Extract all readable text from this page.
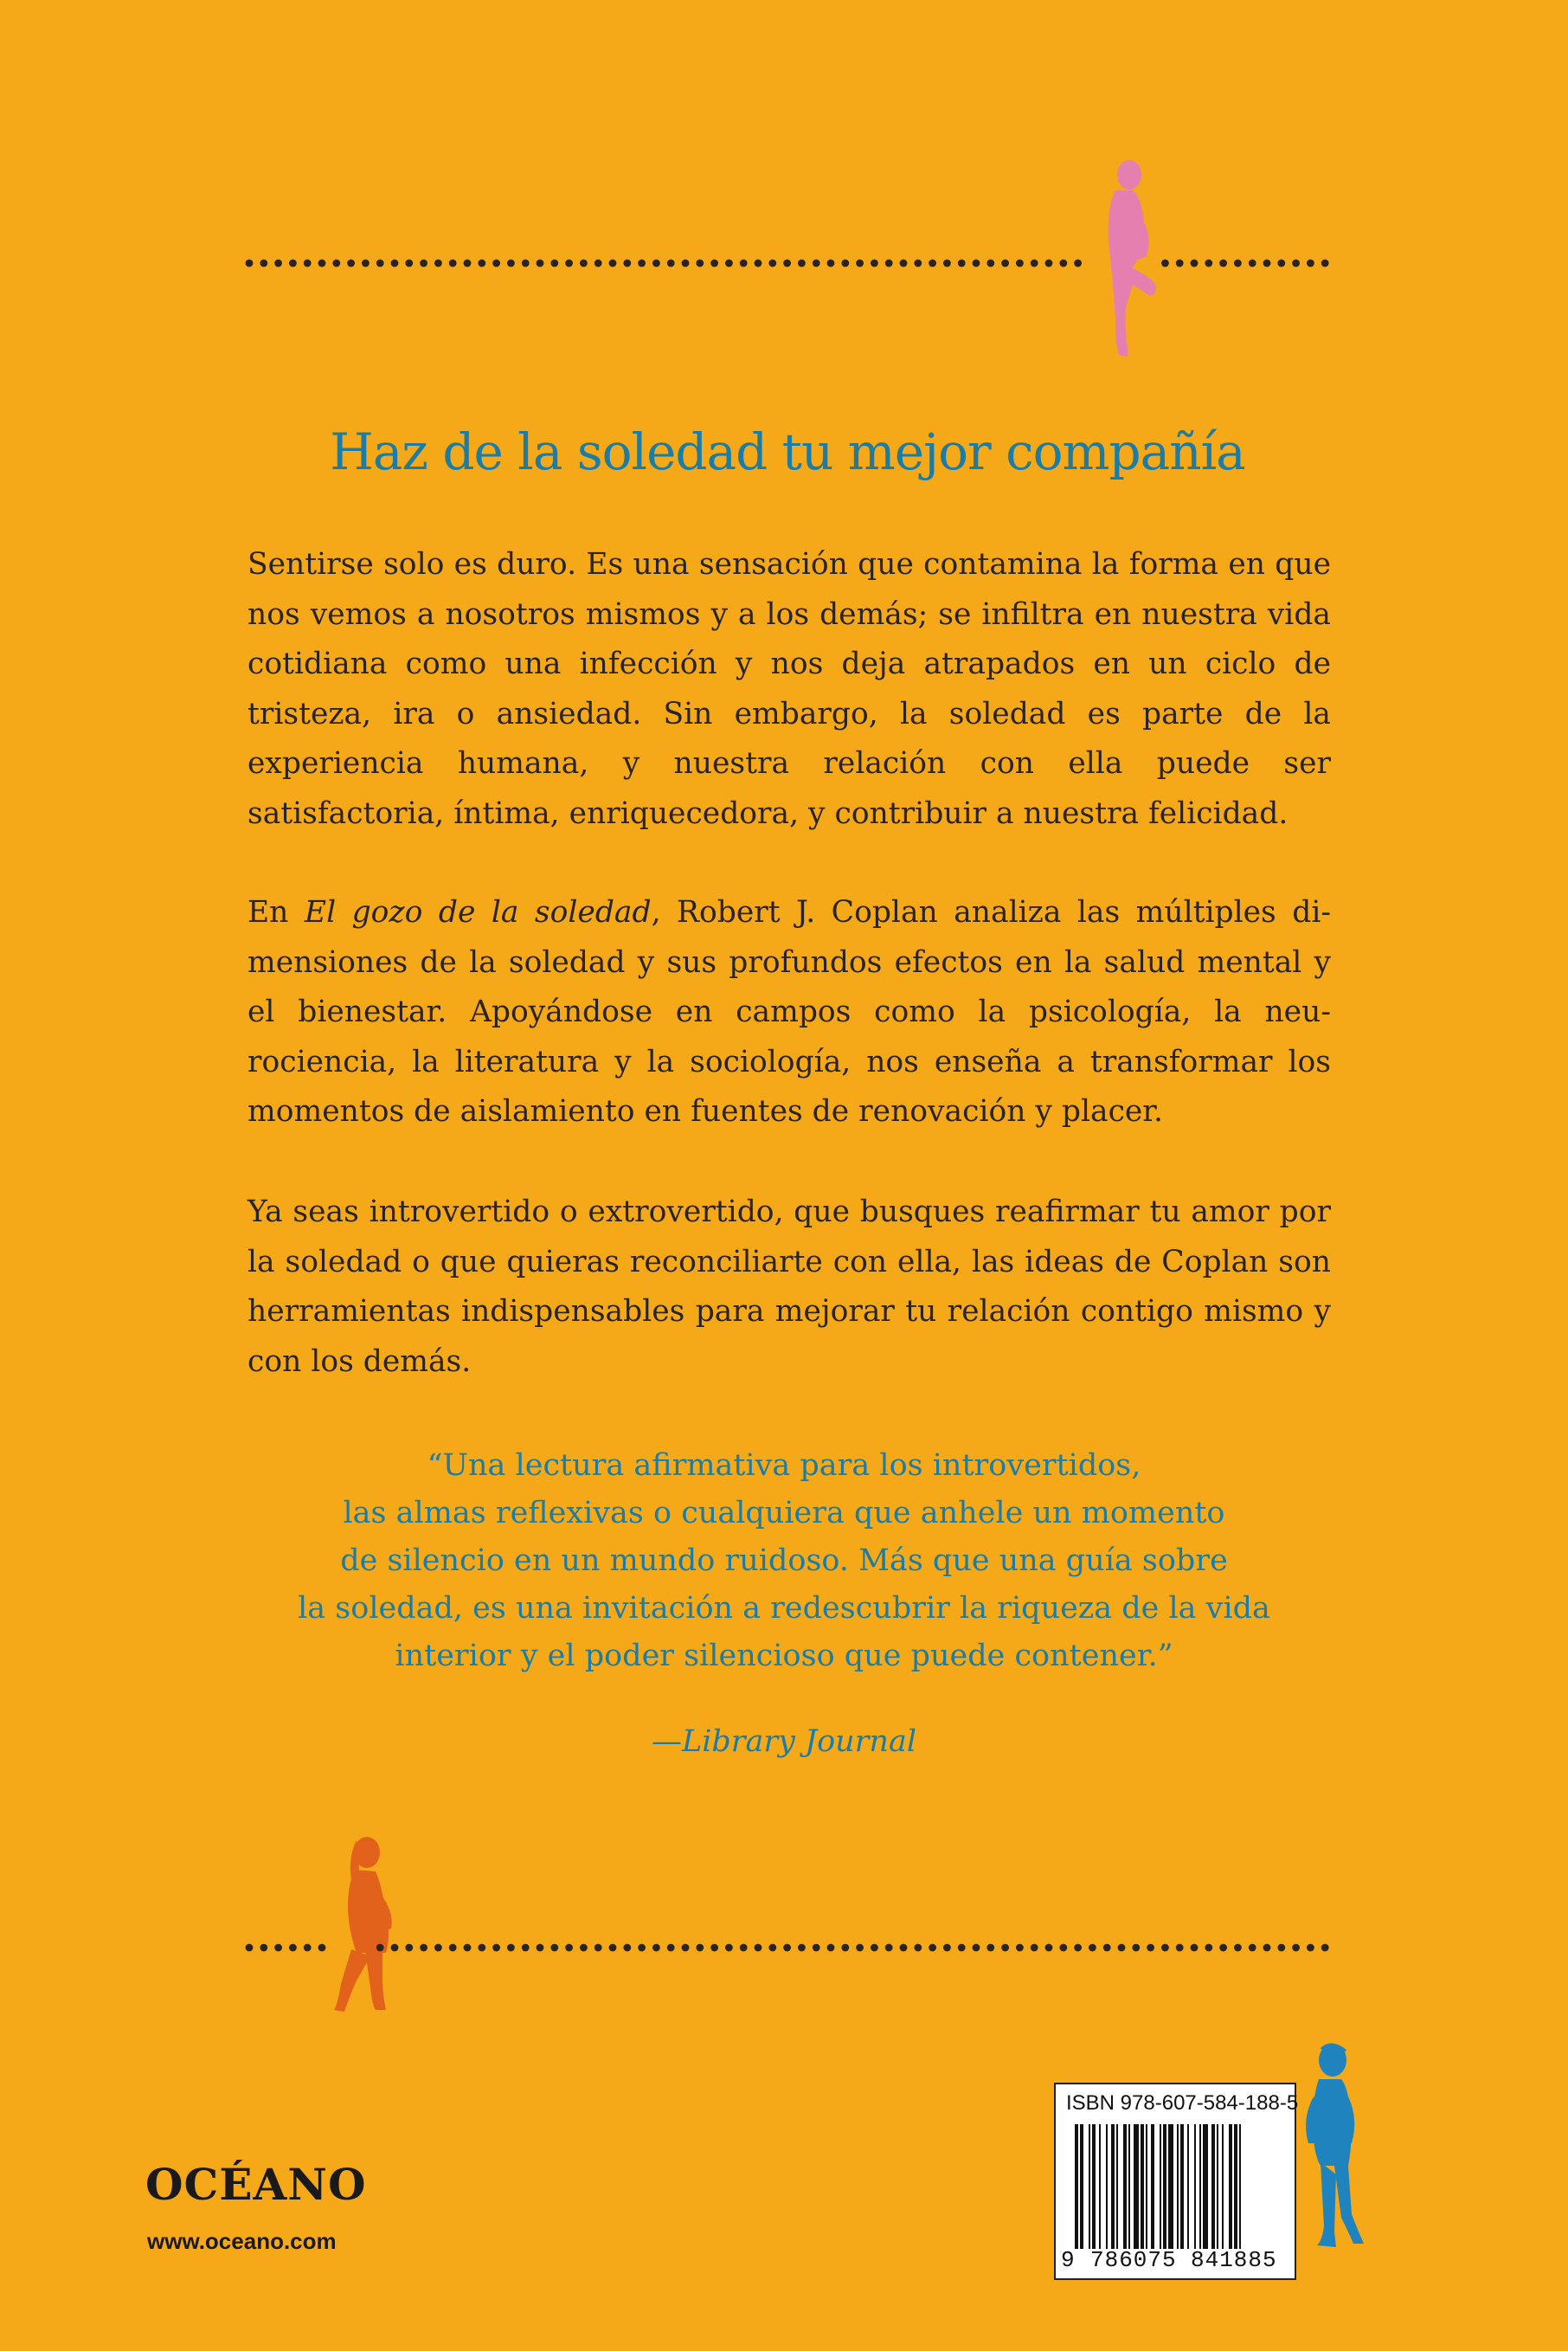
Haz de la soledad tu mejor compañía

Sentirse solo es duro. Es una sensación que contamina la forma en que nos vemos a nosotros mismos y a los demás; se infiltra en nuestra vida cotidiana como una infección y nos deja atrapados en un ciclo de tristeza, ira o ansiedad. Sin embargo, la soledad es parte de la experiencia humana, y nuestra relación con ella puede ser satisfactoria, íntima, enriquecedora, y contribuir a nuestra felicidad.

En El gozo de la soledad, Robert J. Coplan analiza las múltiples dimensiones de la soledad y sus profundos efectos en la salud mental y el bienestar. Apoyándose en campos como la psicología, la neurociencia, la literatura y la sociología, nos enseña a transformar los momentos de aislamiento en fuentes de renovación y placer.

Ya seas introvertido o extrovertido, que busques reafirmar tu amor por la soledad o que quieras reconciliarte con ella, las ideas de Coplan son herramientas indispensables para mejorar tu relación contigo mismo y con los demás.

“Una lectura afirmativa para los introvertidos,
las almas reflexivas o cualquiera que anhele un momento
de silencio en un mundo ruidoso. Más que una guía sobre
la soledad, es una invitación a redescubrir la riqueza de la vida
interior y el poder silencioso que puede contener.”
—Library Journal
OCÉANO
www.oceano.com
ISBN 978-607-584-188-5
9 786075 841885
